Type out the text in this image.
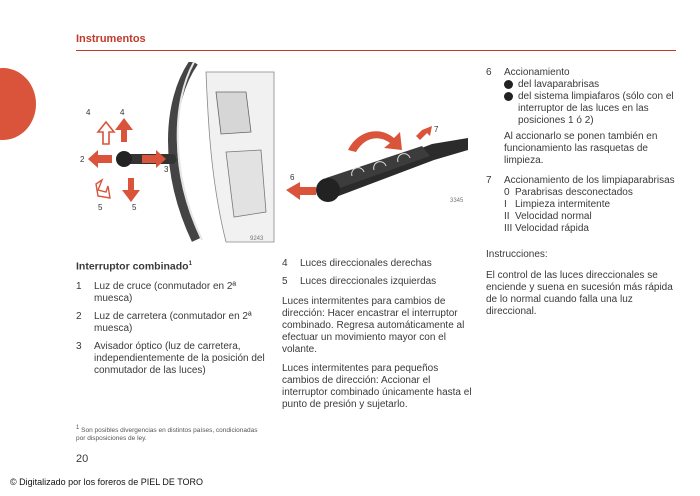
Instrumentos
4	4
2
3
5	5
9243
6
7
3345
Interruptor combinado$^1$
1	Luz de cruce (conmutador en 2ª muesca)
2	Luz de carretera (conmutador en 2ª muesca)
3	Avisador óptico (luz de carretera, independientemente de la posición del conmutador de las luces)
$^1$ Son posibles divergencias en distintos países, condicionadas por disposiciones de ley.
4	Luces direccionales derechas
5	Luces direccionales izquierdas

Luces intermitentes para cambios de dirección: Hacer encastrar el interruptor combinado. Regresa automáticamente al efectuar un movimiento mayor con el volante.

Luces intermitentes para pequeños cambios de dirección: Accionar el interruptor combinado únicamente hasta el punto de presión y sujetarlo.

6	Accionamiento
del lavaparabrisas
del sistema limpiafaros (sólo con el interruptor de las luces en las posiciones 1 ó 2)

Al accionarlo se ponen también en funcionamiento las rasquetas de limpieza.

7	Accionamiento de los limpiaparabrisas
0 Parabrisas desconectados
I Limpieza intermitente
II Velocidad normal
III Velocidad rápida

Instrucciones:

El control de las luces direccionales se enciende y suena en sucesión más rápida de lo normal cuando falla una luz direccional.

20
© Digitalizado por los foreros de PIEL DE TORO
